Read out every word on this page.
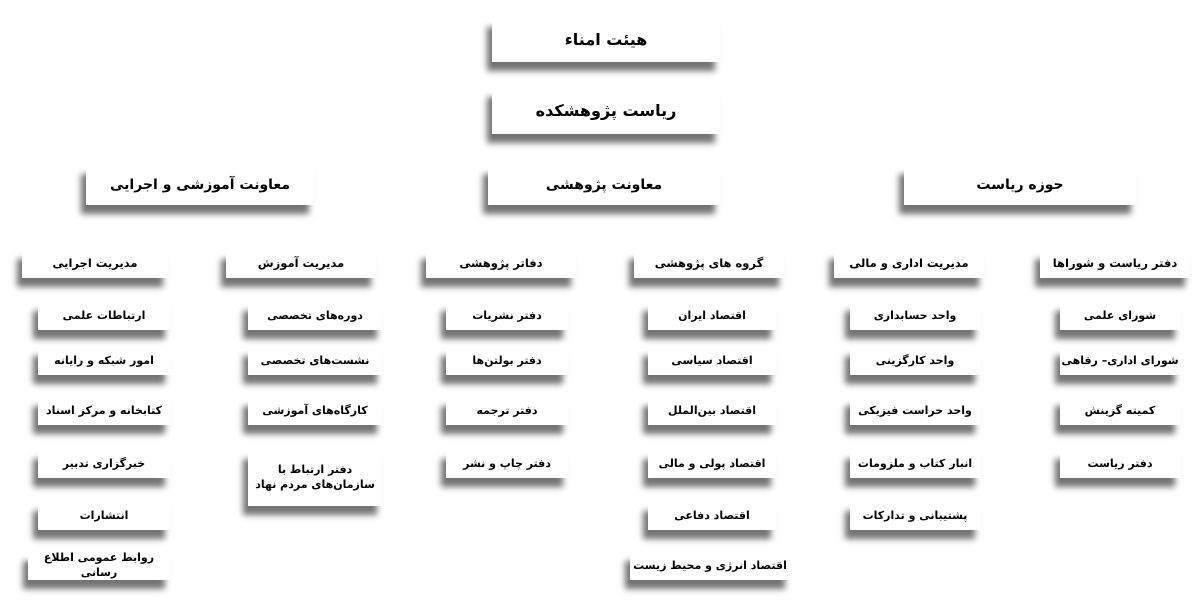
هیئت امناء
ریاست پژوهشکده
معاونت آموزشی و اجرایی	معاونت پژوهشی	حوزه ریاست
مدیریت اجرایی	مدیریت آموزش	دفاتر پژوهشی	گروه های پژوهشی	مدیریت اداری و مالی	دفتر ریاست و شوراها
ارتباطات علمی
امور شبکه و رایانه
کتابخانه و مرکز اسناد
خبرگزاری تدبیر
انتشارات
روابط عمومی اطلاع رسانی
دوره‌های تخصصی
نشست‌های تخصصی
کارگاه‌های آموزشی
دفتر ارتباط با
سازمان‌های مردم نهاد
دفتر نشریات
دفتر بولتن‌ها
دفتر ترجمه
دفتر چاپ و نشر
اقتصاد ایران
اقتصاد سیاسی
اقتصاد بین‌الملل
اقتصاد پولی و مالی
اقتصاد دفاعی
اقتصاد انرژی و محیط زیست
واحد حسابداری
واحد کارگزینی
واحد حراست فیزیکی
انبار کتاب و ملزومات
پشتیبانی و تدارکات
شورای علمی
شورای اداری– رفاهی
کمیته گزینش
دفتر ریاست
